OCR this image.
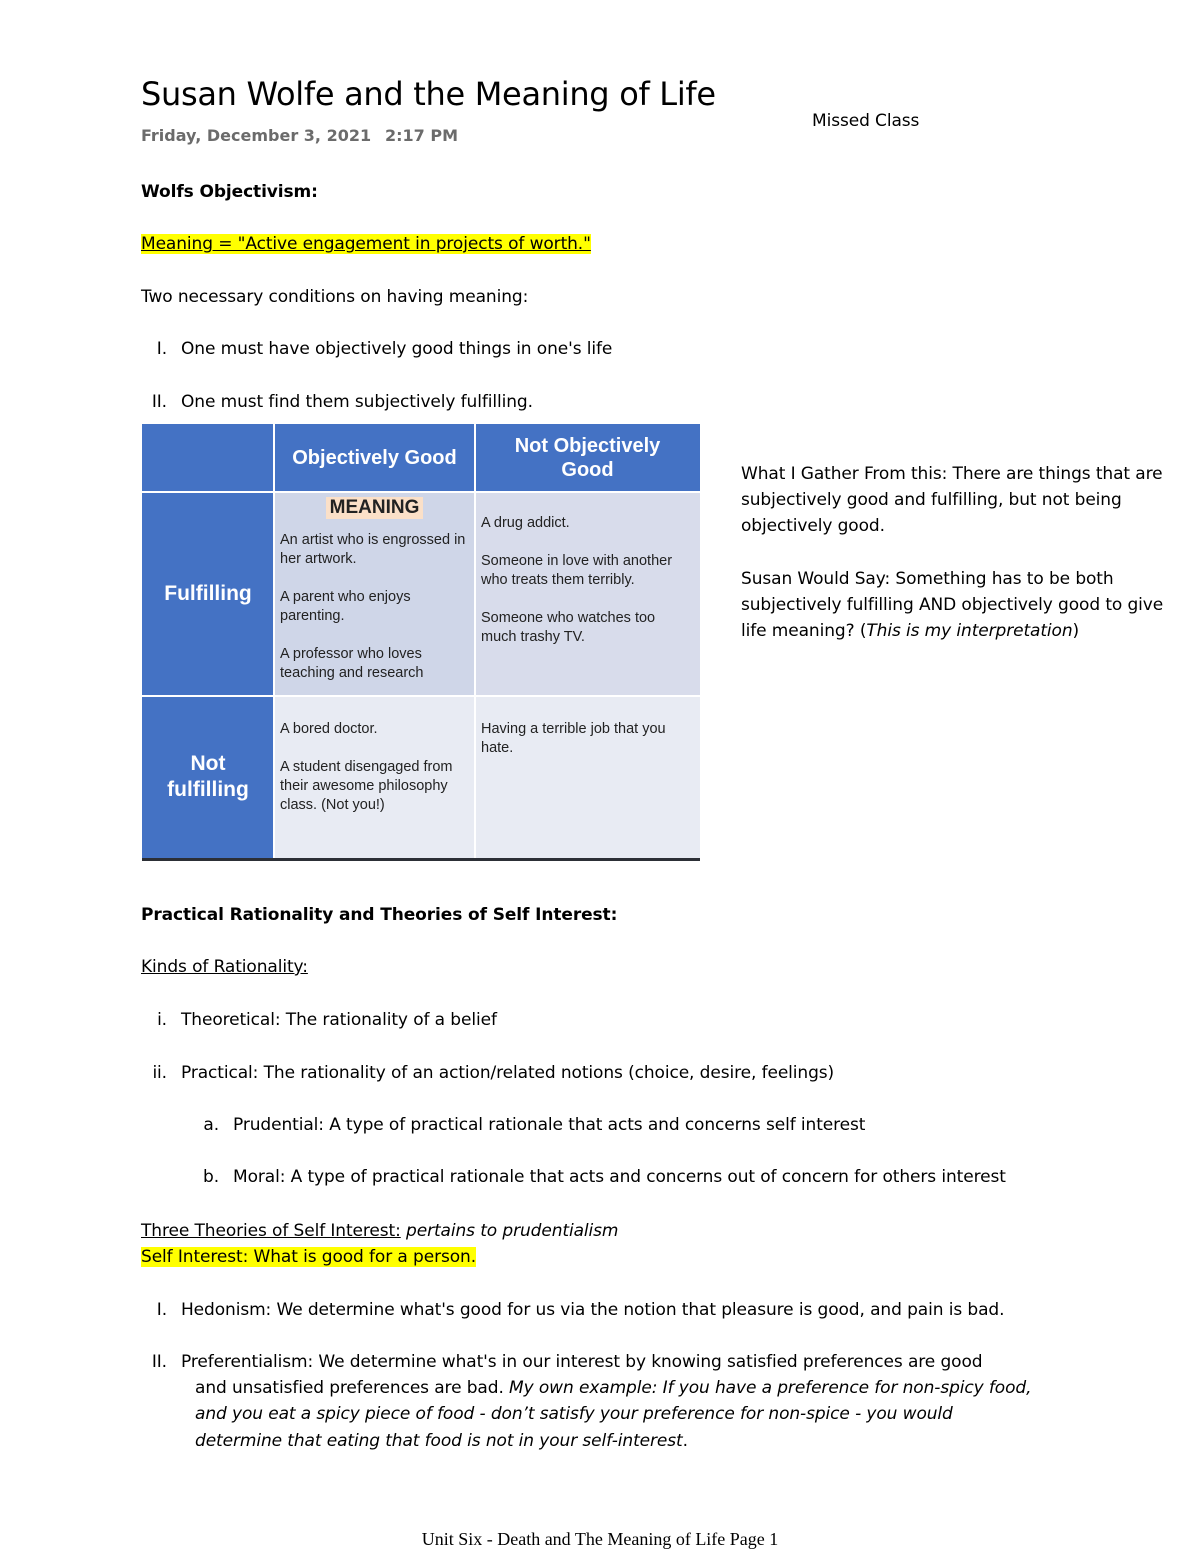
Susan Wolfe and the Meaning of Life
Friday, December 3, 2021 2:17 PM
Missed Class
Wolfs Objectivism:
Meaning = "Active engagement in projects of worth."
Two necessary conditions on having meaning:
I. One must have objectively good things in one's life
II. One must find them subjectively fulfilling.
Objectively Good
Not Objectively Good
Fulfilling
Not fulfilling
MEANING

An artist who is engrossed in her artwork.

A parent who enjoys parenting.

A professor who loves teaching and research

A drug addict.

Someone in love with another who treats them terribly.

Someone who watches too much trashy TV.

A bored doctor.

A student disengaged from their awesome philosophy class. (Not you!)

Having a terrible job that you hate.

What I Gather From this: There are things that are subjectively good and fulfilling, but not being objectively good.
Susan Would Say: Something has to be both subjectively fulfilling AND objectively good to give life meaning? (This is my interpretation)
Practical Rationality and Theories of Self Interest:
Kinds of Rationality:
i. Theoretical: The rationality of a belief
ii. Practical: The rationality of an action/related notions (choice, desire, feelings)
a. Prudential: A type of practical rationale that acts and concerns self interest
b. Moral: A type of practical rationale that acts and concerns out of concern for others interest
Three Theories of Self Interest: pertains to prudentialism
Self Interest: What is good for a person.
I. Hedonism: We determine what's good for us via the notion that pleasure is good, and pain is bad.
II. Preferentialism: We determine what's in our interest by knowing satisfied preferences are good
and unsatisfied preferences are bad. My own example: If you have a preference for non-spicy food,
and you eat a spicy piece of food - don’t satisfy your preference for non-spice - you would
determine that eating that food is not in your self-interest.
Unit Six - Death and The Meaning of Life Page 1
